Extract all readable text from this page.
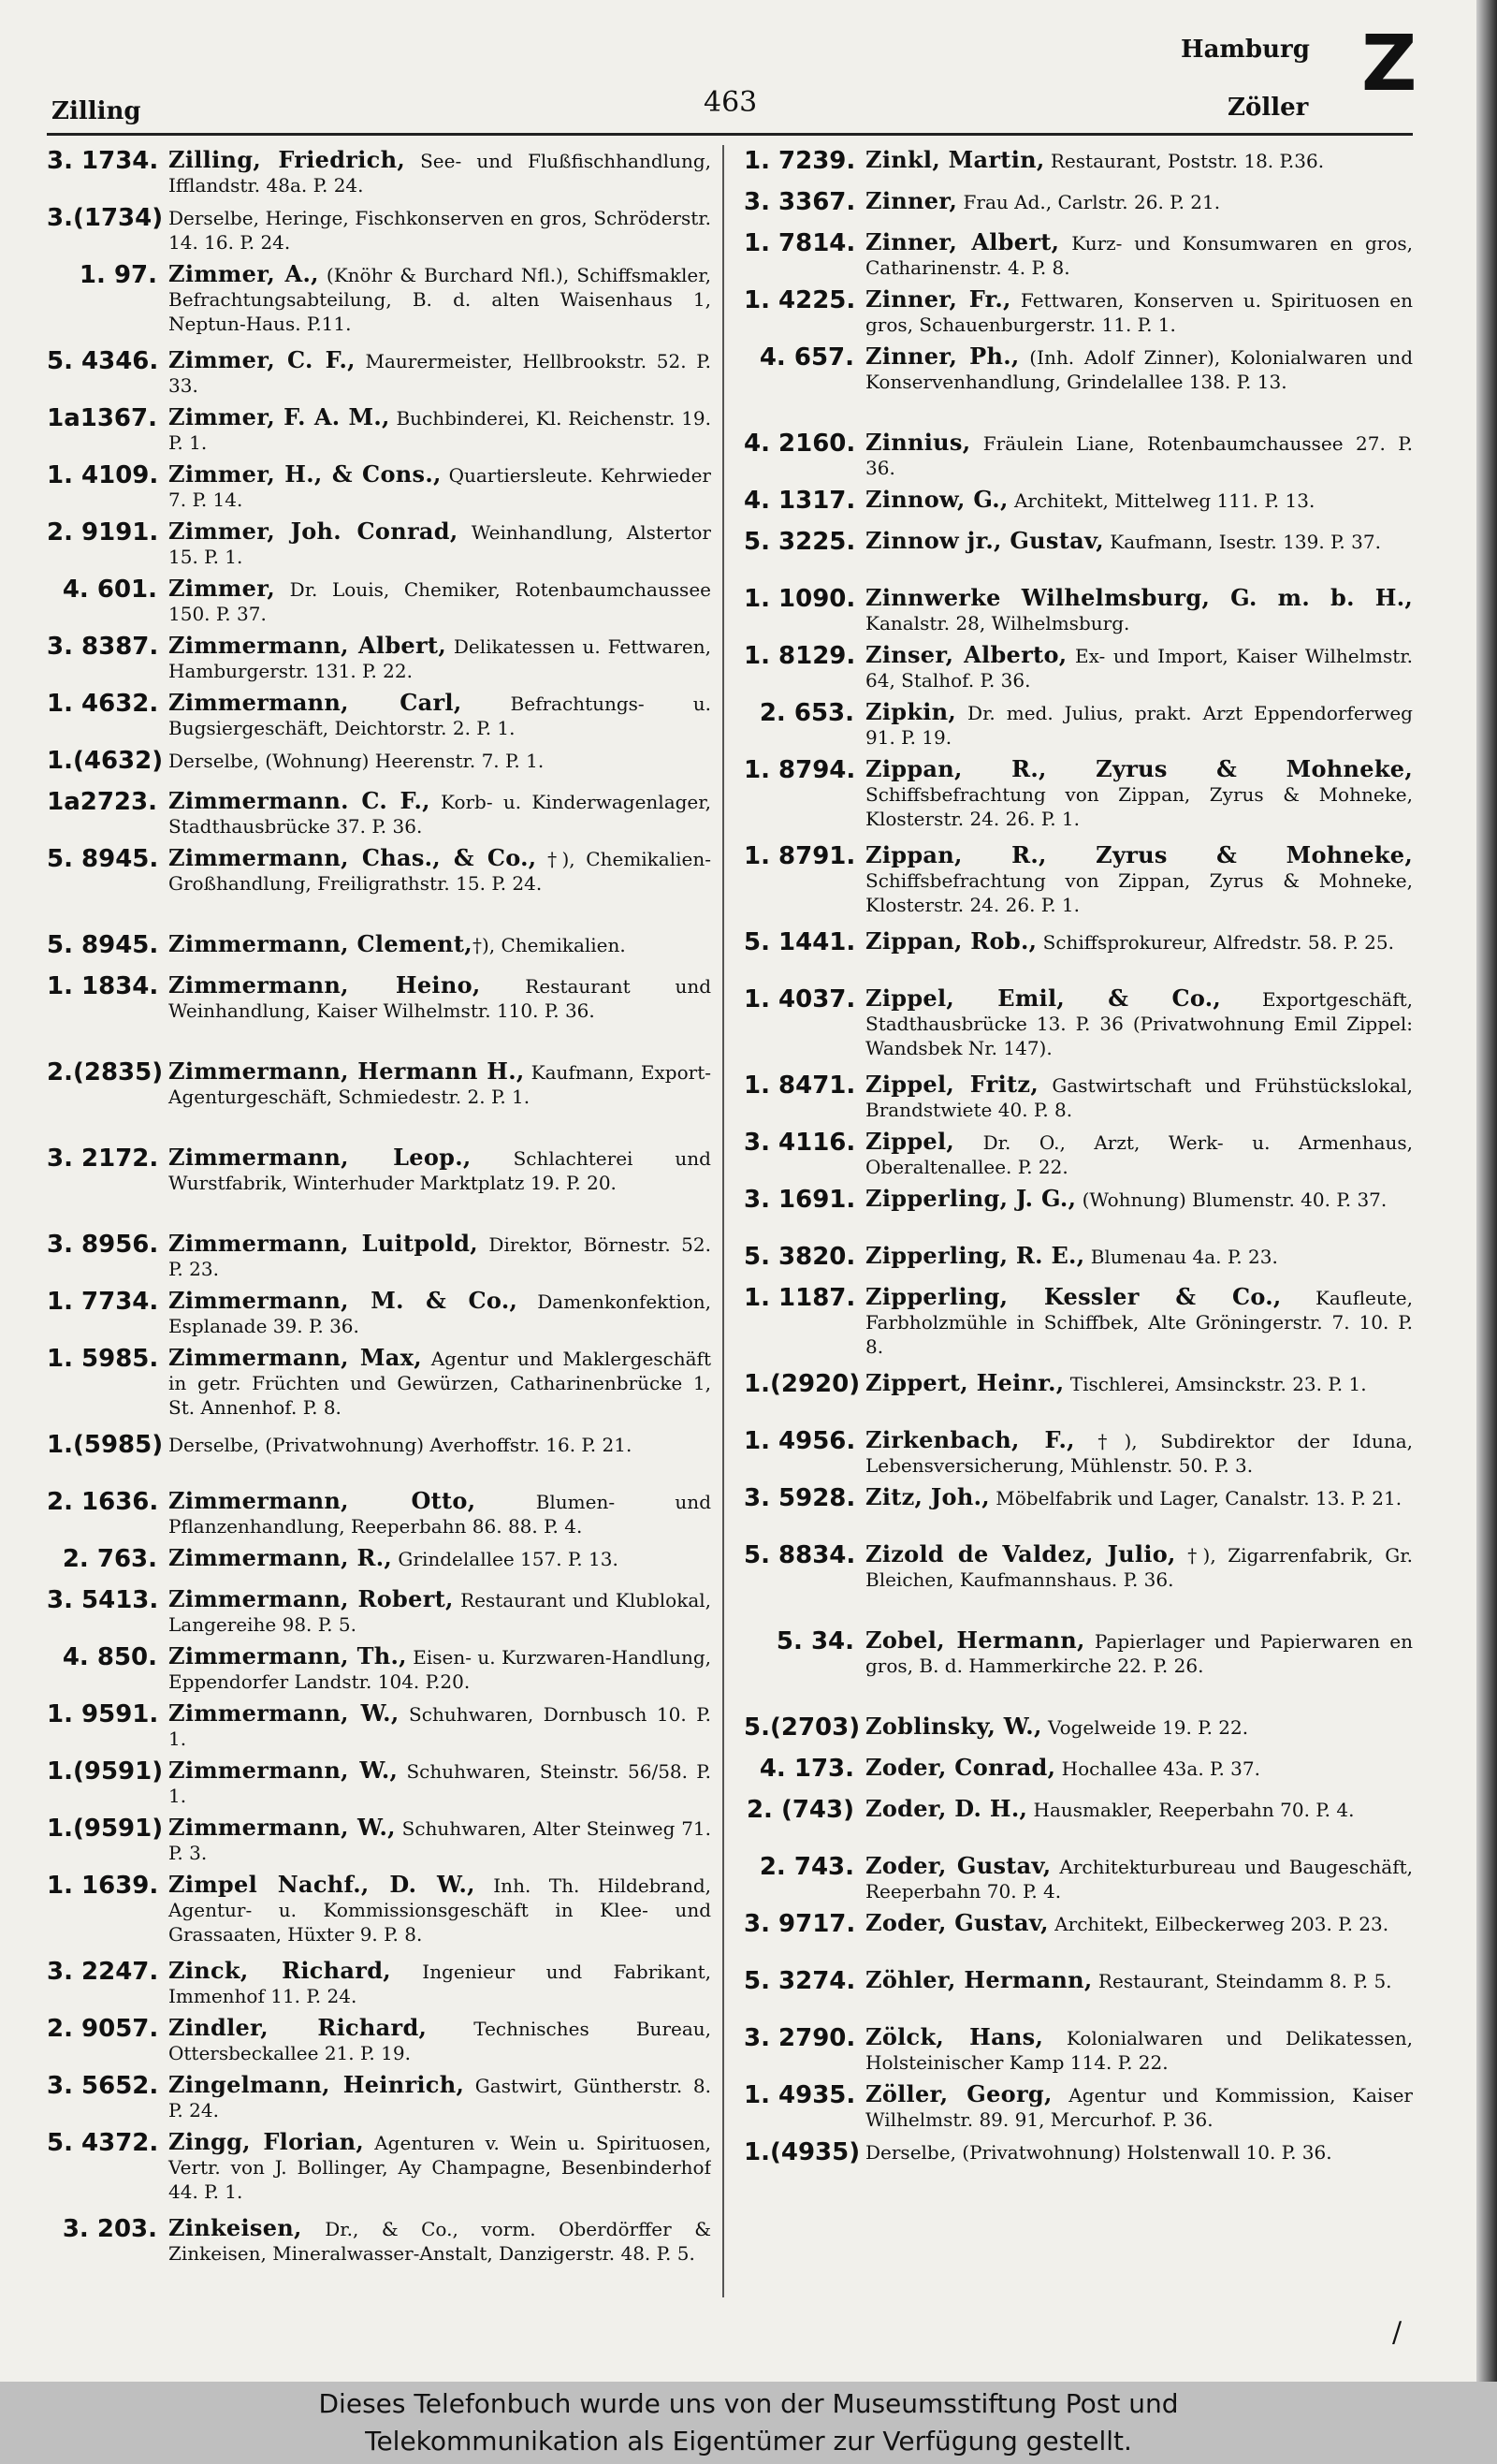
Zilling	463
Hamburg
Zöller Z
3. 1734. Zilling, Friedrich, See- und Flußfischhandlung, Ifflandstr. 48a. P. 24.
3.(1734) Derselbe, Heringe, Fischkonserven en gros, Schröderstr. 14. 16. P. 24.
1. 97. Zimmer, A., (Knöhr & Burchard Nfl.), Schiffsmakler, Befrachtungsabteilung, B. d. alten Waisenhaus 1, Neptun-Haus. P.11.
5. 4346. Zimmer, C. F., Maurermeister, Hellbrookstr. 52. P. 33.
1a1367. Zimmer, F. A. M., Buchbinderei, Kl. Reichenstr. 19. P. 1.
1. 4109. Zimmer, H., & Cons., Quartiersleute. Kehrwieder 7. P. 14.
2. 9191. Zimmer, Joh. Conrad, Weinhandlung, Alstertor 15. P. 1.
4. 601. Zimmer, Dr. Louis, Chemiker, Rotenbaumchaussee 150. P. 37.
3. 8387. Zimmermann, Albert, Delikatessen u. Fettwaren, Hamburgerstr. 131. P. 22.
1. 4632. Zimmermann, Carl, Befrachtungs- u. Bugsiergeschäft, Deichtorstr. 2. P. 1.
1.(4632) Derselbe, (Wohnung) Heerenstr. 7. P. 1.
1a2723. Zimmermann. C. F., Korb- u. Kinderwagenlager, Stadthausbrücke 37. P. 36.
5. 8945. Zimmermann, Chas., & Co., †), Chemikalien-Großhandlung, Freiligrathstr. 15. P. 24.
5. 8945. Zimmermann, Clement,†), Chemikalien.
1. 1834. Zimmermann, Heino, Restaurant und Weinhandlung, Kaiser Wilhelmstr. 110. P. 36.
2.(2835) Zimmermann, Hermann H., Kaufmann, Export-Agenturgeschäft, Schmiedestr. 2. P. 1.
3. 2172. Zimmermann, Leop., Schlachterei und Wurstfabrik, Winterhuder Marktplatz 19. P. 20.
3. 8956. Zimmermann, Luitpold, Direktor, Börnestr. 52. P. 23.
1. 7734. Zimmermann, M. & Co., Damenkonfektion, Esplanade 39. P. 36.
1. 5985. Zimmermann, Max, Agentur und Maklergeschäft in getr. Früchten und Gewürzen, Catharinenbrücke 1, St. Annenhof. P. 8.
1.(5985) Derselbe, (Privatwohnung) Averhoffstr. 16. P. 21.
2. 1636. Zimmermann, Otto, Blumen- und Pflanzenhandlung, Reeperbahn 86. 88. P. 4.
2. 763. Zimmermann, R., Grindelallee 157. P. 13.
3. 5413. Zimmermann, Robert, Restaurant und Klublokal, Langereihe 98. P. 5.
4. 850. Zimmermann, Th., Eisen- u. Kurzwaren-Handlung, Eppendorfer Landstr. 104. P.20.
1. 9591. Zimmermann, W., Schuhwaren, Dornbusch 10. P. 1.
1.(9591) Zimmermann, W., Schuhwaren, Steinstr. 56/58. P. 1.
1.(9591) Zimmermann, W., Schuhwaren, Alter Steinweg 71. P. 3.
1. 1639. Zimpel Nachf., D. W., Inh. Th. Hildebrand, Agentur- u. Kommissionsgeschäft in Klee- und Grassaaten, Hüxter 9. P. 8.
3. 2247. Zinck, Richard, Ingenieur und Fabrikant, Immenhof 11. P. 24.
2. 9057. Zindler, Richard, Technisches Bureau, Ottersbeckallee 21. P. 19.
3. 5652. Zingelmann, Heinrich, Gastwirt, Güntherstr. 8. P. 24.
5. 4372. Zingg, Florian, Agenturen v. Wein u. Spirituosen, Vertr. von J. Bollinger, Ay Champagne, Besenbinderhof 44. P. 1.
3. 203. Zinkeisen, Dr., & Co., vorm. Oberdörffer & Zinkeisen, Mineralwasser-Anstalt, Danzigerstr. 48. P. 5.
1. 7239. Zinkl, Martin, Restaurant, Poststr. 18. P.36.
3. 3367. Zinner, Frau Ad., Carlstr. 26. P. 21.
1. 7814. Zinner, Albert, Kurz- und Konsumwaren en gros, Catharinenstr. 4. P. 8.
1. 4225. Zinner, Fr., Fettwaren, Konserven u. Spirituosen en gros, Schauenburgerstr. 11. P. 1.
4. 657. Zinner, Ph., (Inh. Adolf Zinner), Kolonialwaren und Konservenhandlung, Grindelallee 138. P. 13.
4. 2160. Zinnius, Fräulein Liane, Rotenbaumchaussee 27. P. 36.
4. 1317. Zinnow, G., Architekt, Mittelweg 111. P. 13.
5. 3225. Zinnow jr., Gustav, Kaufmann, Isestr. 139. P. 37.
1. 1090. Zinnwerke Wilhelmsburg, G. m. b. H., Kanalstr. 28, Wilhelmsburg.
1. 8129. Zinser, Alberto, Ex- und Import, Kaiser Wilhelmstr. 64, Stalhof. P. 36.
2. 653. Zipkin, Dr. med. Julius, prakt. Arzt Eppendorferweg 91. P. 19.
1. 8794. Zippan, R., Zyrus & Mohneke, Schiffsbefrachtung von Zippan, Zyrus & Mohneke, Klosterstr. 24. 26. P. 1.
1. 8791. Zippan, R., Zyrus & Mohneke, Schiffsbefrachtung von Zippan, Zyrus & Mohneke, Klosterstr. 24. 26. P. 1.
5. 1441. Zippan, Rob., Schiffsprokureur, Alfredstr. 58. P. 25.
1. 4037. Zippel, Emil, & Co., Exportgeschäft, Stadthausbrücke 13. P. 36 (Privatwohnung Emil Zippel: Wandsbek Nr. 147).
1. 8471. Zippel, Fritz, Gastwirtschaft und Frühstückslokal, Brandstwiete 40. P. 8.
3. 4116. Zippel, Dr. O., Arzt, Werk- u. Armenhaus, Oberaltenallee. P. 22.
3. 1691. Zipperling, J. G., (Wohnung) Blumenstr. 40. P. 37.
5. 3820. Zipperling, R. E., Blumenau 4a. P. 23.
1. 1187. Zipperling, Kessler & Co., Kaufleute, Farbholzmühle in Schiffbek, Alte Gröningerstr. 7. 10. P. 8.
1.(2920) Zippert, Heinr., Tischlerei, Amsinckstr. 23. P. 1.
1. 4956. Zirkenbach, F., †), Subdirektor der Iduna, Lebensversicherung, Mühlenstr. 50. P. 3.
3. 5928. Zitz, Joh., Möbelfabrik und Lager, Canalstr. 13. P. 21.
5. 8834. Zizold de Valdez, Julio, †), Zigarrenfabrik, Gr. Bleichen, Kaufmannshaus. P. 36.
5. 34. Zobel, Hermann, Papierlager und Papierwaren en gros, B. d. Hammerkirche 22. P. 26.
5.(2703) Zoblinsky, W., Vogelweide 19. P. 22.
4. 173. Zoder, Conrad, Hochallee 43a. P. 37.
2. (743) Zoder, D. H., Hausmakler, Reeperbahn 70. P. 4.
2. 743. Zoder, Gustav, Architekturbureau und Baugeschäft, Reeperbahn 70. P. 4.
3. 9717. Zoder, Gustav, Architekt, Eilbeckerweg 203. P. 23.
5. 3274. Zöhler, Hermann, Restaurant, Steindamm 8. P. 5.
3. 2790. Zölck, Hans, Kolonialwaren und Delikatessen, Holsteinischer Kamp 114. P. 22.
1. 4935. Zöller, Georg, Agentur und Kommission, Kaiser Wilhelmstr. 89. 91, Mercurhof. P. 36.
1.(4935) Derselbe, (Privatwohnung) Holstenwall 10. P. 36.
/
Dieses Telefonbuch wurde uns von der Museumsstiftung Post und
Telekommunikation als Eigentümer zur Verfügung gestellt.
